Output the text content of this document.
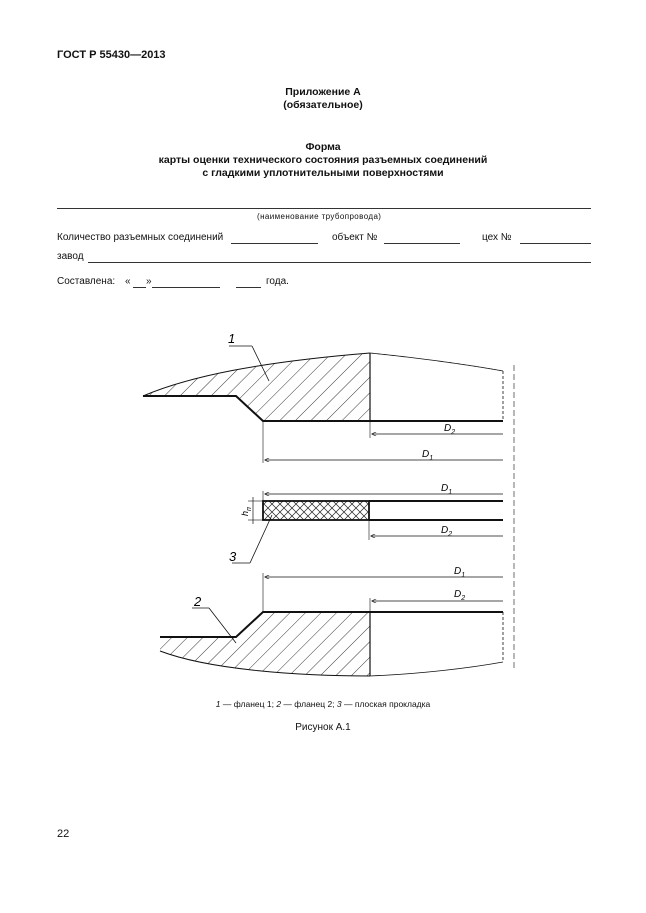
ГОСТ Р 55430—2013
Приложение А
(обязательное)
Форма
карты оценки технического состояния разъемных соединений
с гладкими уплотнительными поверхностями
(наименование трубопровода)
Количество разъемных соединений	объект №	цех №
завод
Составлена: « »	года.
1
3
2
$D_2$
$D_1$
$D_1$
$D_2$
$D_1$
$D_2$
$h_п$
1 — фланец 1; 2 — фланец 2; 3 — плоская прокладка
Рисунок А.1
22
